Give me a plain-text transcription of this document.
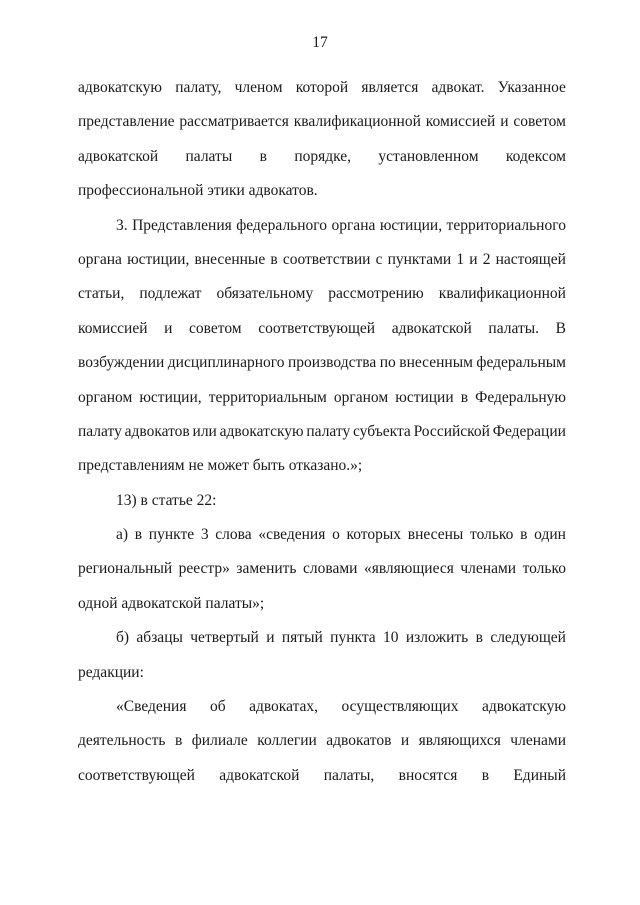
17
адвокатскую палату, членом которой является адвокат. Указанное
представление рассматривается квалификационной комиссией и советом
адвокатской палаты в порядке, установленном кодексом
профессиональной этики адвокатов.
3. Представления федерального органа юстиции, территориального
органа юстиции, внесенные в соответствии с пунктами 1 и 2 настоящей
статьи, подлежат обязательному рассмотрению квалификационной
комиссией и советом соответствующей адвокатской палаты. В
возбуждении дисциплинарного производства по внесенным федеральным
органом юстиции, территориальным органом юстиции в Федеральную
палату адвокатов или адвокатскую палату субъекта Российской Федерации
представлениям не может быть отказано.»;
13) в статье 22:
а) в пункте 3 слова «сведения о которых внесены только в один
региональный реестр» заменить словами «являющиеся членами только
одной адвокатской палаты»;
б) абзацы четвертый и пятый пункта 10 изложить в следующей
редакции:
«Сведения об адвокатах, осуществляющих адвокатскую
деятельность в филиале коллегии адвокатов и являющихся членами
соответствующей адвокатской палаты, вносятся в Единый
